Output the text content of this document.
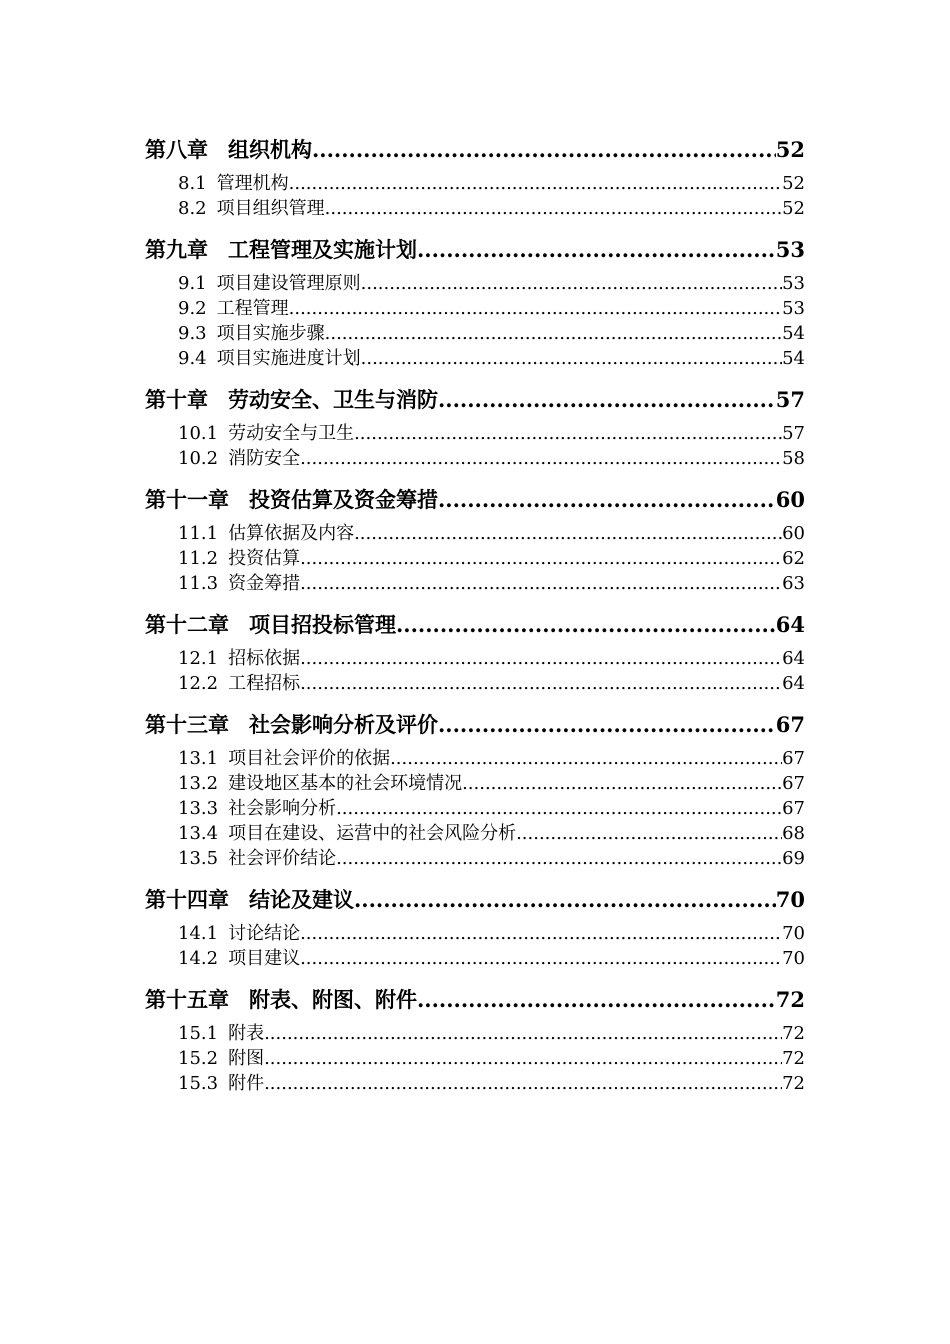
第八章 组织机构 .....	52
8.1 管理机构 .....	52
8.2 项目组织管理 .....	52
第九章 工程管理及实施计划 .....	53
9.1 项目建设管理原则 .....	53
9.2 工程管理 .....	53
9.3 项目实施步骤 .....	54
9.4 项目实施进度计划 .....	54
第十章 劳动安全、卫生与消防 .....	57
10.1 劳动安全与卫生 .....	57
10.2 消防安全 .....	58
第十一章 投资估算及资金筹措 .....	60
11.1 估算依据及内容 .....	60
11.2 投资估算 .....	62
11.3 资金筹措 .....	63
第十二章 项目招投标管理 .....	64
12.1 招标依据 .....	64
12.2 工程招标 .....	64
第十三章 社会影响分析及评价 .....	67
13.1 项目社会评价的依据 .....	67
13.2 建设地区基本的社会环境情况 .....	67
13.3 社会影响分析 .....	67
13.4 项目在建设、运营中的社会风险分析 .....	68
13.5 社会评价结论 .....	69
第十四章 结论及建议 .....	70
14.1 讨论结论 .....	70
14.2 项目建议 .....	70
第十五章 附表、附图、附件 .....	72
15.1 附表 .....	72
15.2 附图 .....	72
15.3 附件 .....	72
